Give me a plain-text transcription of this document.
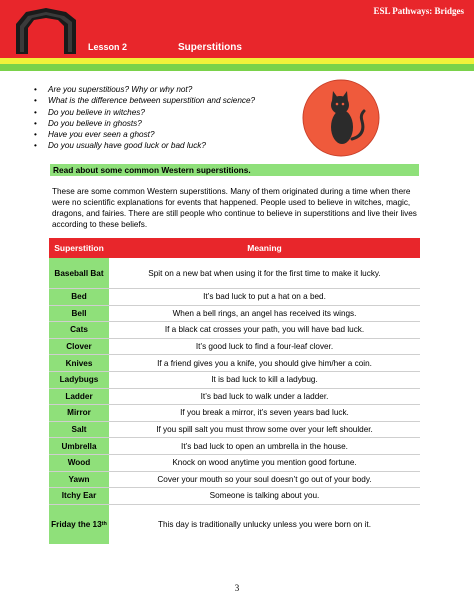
ESL Pathways: Bridges
Lesson 2	Superstitions
• Are you superstitious? Why or why not?
• What is the difference between superstition and science?
• Do you believe in witches?
• Do you believe in ghosts?
• Have you ever seen a ghost?
• Do you usually have good luck or bad luck?
Read about some common Western superstitions.

These are some common Western superstitions. Many of them originated during a time when there were no scientific explanations for events that happened. People used to believe in witches, magic, dragons, and fairies. There are still people who continue to believe in superstitions and live their lives according to these beliefs.

Superstition	Meaning
Baseball Bat	Spit on a new bat when using it for the first time to make it lucky.
Bed	It’s bad luck to put a hat on a bed.
Bell	When a bell rings, an angel has received its wings.
Cats	If a black cat crosses your path, you will have bad luck.
Clover	It’s good luck to find a four-leaf clover.
Knives	If a friend gives you a knife, you should give him/her a coin.
Ladybugs	It is bad luck to kill a ladybug.
Ladder	It’s bad luck to walk under a ladder.
Mirror	If you break a mirror, it’s seven years bad luck.
Salt	If you spill salt you must throw some over your left shoulder.
Umbrella	It’s bad luck to open an umbrella in the house.
Wood	Knock on wood anytime you mention good fortune.
Yawn	Cover your mouth so your soul doesn’t go out of your body.
Itchy Ear	Someone is talking about you.
Friday the 13 th	This day is traditionally unlucky unless you were born on it.
3
